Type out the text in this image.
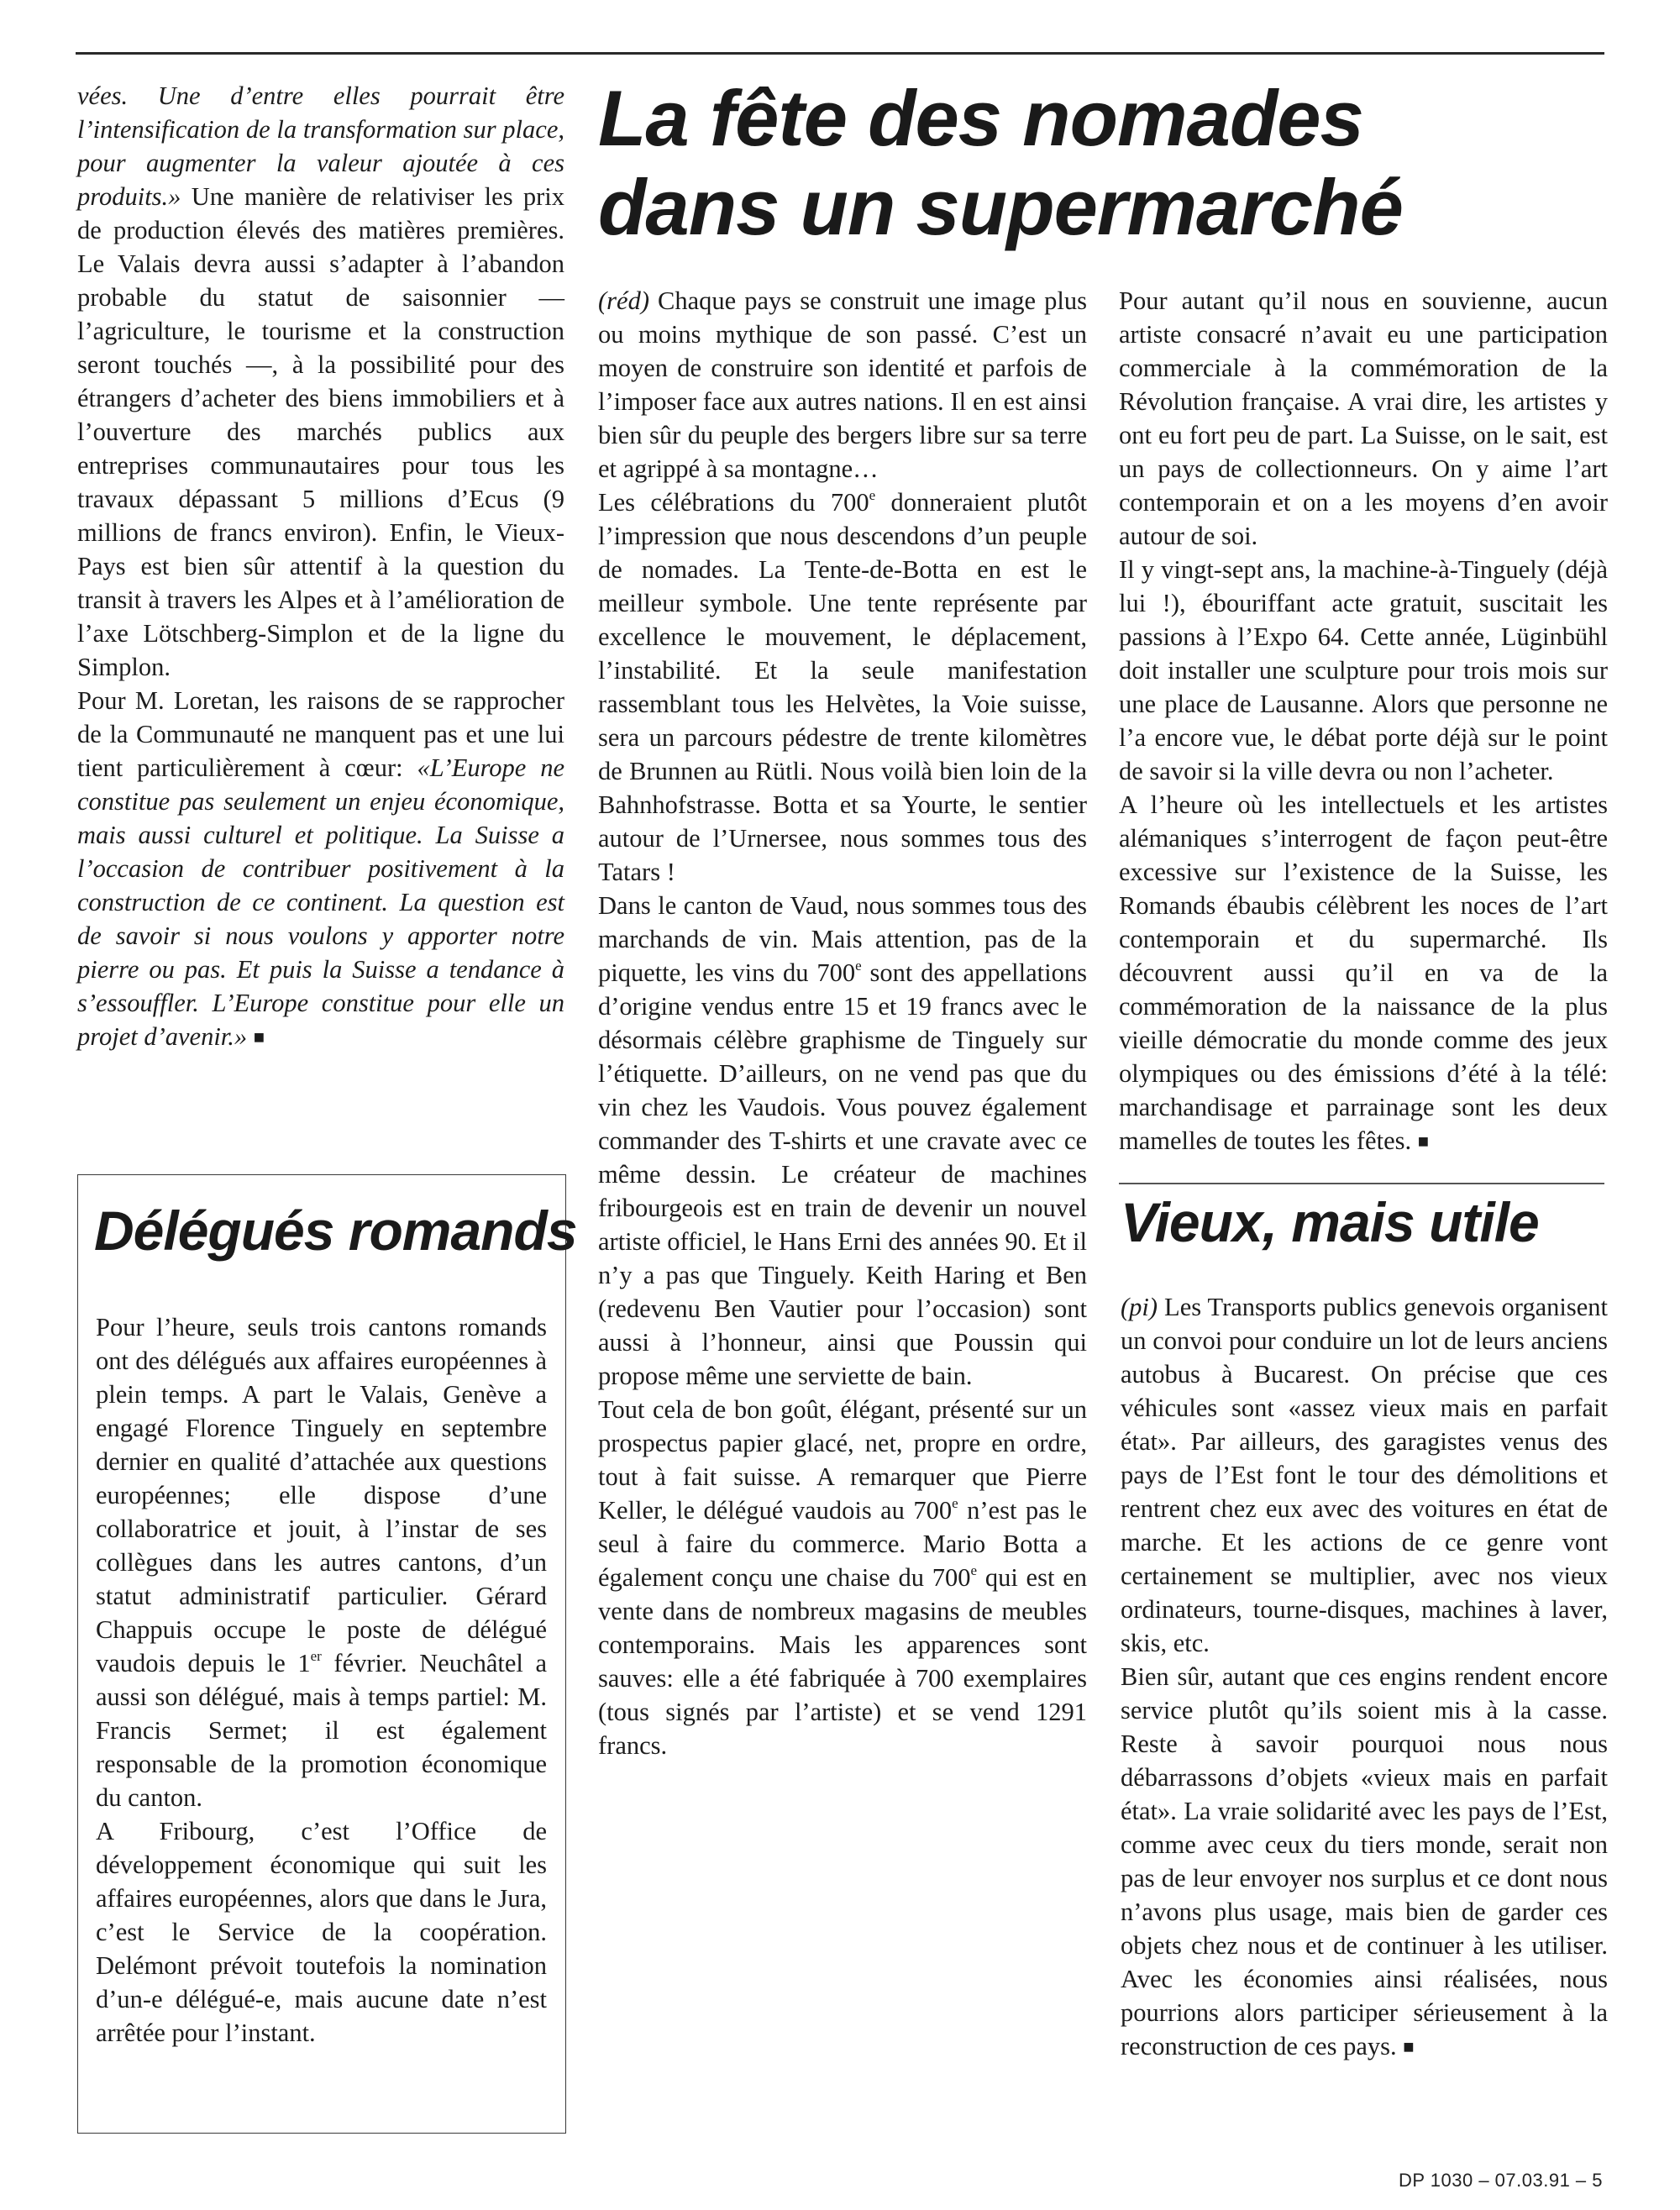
vées. Une d’entre elles pourrait être l’intensification de la transformation sur place, pour augmenter la valeur ajoutée à ces produits.» Une manière de relativiser les prix de production élevés des matières premières. Le Valais devra aussi s’adapter à l’abandon probable du statut de saisonnier — l’agriculture, le tourisme et la construction seront touchés —, à la possibilité pour des étrangers d’acheter des biens immobiliers et à l’ouverture des marchés publics aux entreprises communautaires pour tous les travaux dépassant 5 millions d’Ecus (9 millions de francs environ). Enfin, le Vieux-Pays est bien sûr attentif à la question du transit à travers les Alpes et à l’amélioration de l’axe Lötschberg-Simplon et de la ligne du Simplon.

Pour M. Loretan, les raisons de se rapprocher de la Communauté ne manquent pas et une lui tient particulièrement à cœur: «L’Europe ne constitue pas seulement un enjeu économique, mais aussi culturel et politique. La Suisse a l’occasion de contribuer positivement à la construction de ce continent. La question est de savoir si nous voulons y apporter notre pierre ou pas. Et puis la Suisse a tendance à s’essouffler. L’Europe constitue pour elle un projet d’avenir.» ■

Délégués romands

Pour l’heure, seuls trois cantons romands ont des délégués aux affaires européennes à plein temps. A part le Valais, Genève a engagé Florence Tinguely en septembre dernier en qualité d’attachée aux questions européennes; elle dispose d’une collaboratrice et jouit, à l’instar de ses collègues dans les autres cantons, d’un statut administratif particulier. Gérard Chappuis occupe le poste de délégué vaudois depuis le 1er février. Neuchâtel a aussi son délégué, mais à temps partiel: M. Francis Sermet; il est également responsable de la promotion économique du canton.

A Fribourg, c’est l’Office de développement économique qui suit les affaires européennes, alors que dans le Jura, c’est le Service de la coopération. Delémont prévoit toutefois la nomination d’un-e délégué-e, mais aucune date n’est arrêtée pour l’instant.

La fête des nomades
dans un supermarché

(réd) Chaque pays se construit une image plus ou moins mythique de son passé. C’est un moyen de construire son identité et parfois de l’imposer face aux autres nations. Il en est ainsi bien sûr du peuple des bergers libre sur sa terre et agrippé à sa montagne…

Les célébrations du 700e donneraient plutôt l’impression que nous descendons d’un peuple de nomades. La Tente-de-Botta en est le meilleur symbole. Une tente représente par excellence le mouvement, le déplacement, l’instabilité. Et la seule manifestation rassemblant tous les Helvètes, la Voie suisse, sera un parcours pédestre de trente kilomètres de Brunnen au Rütli. Nous voilà bien loin de la Bahnhofstrasse. Botta et sa Yourte, le sentier autour de l’Urnersee, nous sommes tous des Tatars !

Dans le canton de Vaud, nous sommes tous des marchands de vin. Mais attention, pas de la piquette, les vins du 700e sont des appellations d’origine vendus entre 15 et 19 francs avec le désormais célèbre graphisme de Tinguely sur l’étiquette. D’ailleurs, on ne vend pas que du vin chez les Vaudois. Vous pouvez également commander des T-shirts et une cravate avec ce même dessin. Le créateur de machines fribourgeois est en train de devenir un nouvel artiste officiel, le Hans Erni des années 90. Et il n’y a pas que Tinguely. Keith Haring et Ben (redevenu Ben Vautier pour l’occasion) sont aussi à l’honneur, ainsi que Poussin qui propose même une serviette de bain.

Tout cela de bon goût, élégant, présenté sur un prospectus papier glacé, net, propre en ordre, tout à fait suisse. A remarquer que Pierre Keller, le délégué vaudois au 700e n’est pas le seul à faire du commerce. Mario Botta a également conçu une chaise du 700e qui est en vente dans de nombreux magasins de meubles contemporains. Mais les apparences sont sauves: elle a été fabriquée à 700 exemplaires (tous signés par l’artiste) et se vend 1291 francs.

Pour autant qu’il nous en souvienne, aucun artiste consacré n’avait eu une participation commerciale à la commémoration de la Révolution française. A vrai dire, les artistes y ont eu fort peu de part. La Suisse, on le sait, est un pays de collectionneurs. On y aime l’art contemporain et on a les moyens d’en avoir autour de soi.

Il y vingt-sept ans, la machine-à-Tinguely (déjà lui !), ébouriffant acte gratuit, suscitait les passions à l’Expo 64. Cette année, Lüginbühl doit installer une sculpture pour trois mois sur une place de Lausanne. Alors que personne ne l’a encore vue, le débat porte déjà sur le point de savoir si la ville devra ou non l’acheter.

A l’heure où les intellectuels et les artistes alémaniques s’interrogent de façon peut-être excessive sur l’existence de la Suisse, les Romands ébaubis célèbrent les noces de l’art contemporain et du supermarché. Ils découvrent aussi qu’il en va de la commémoration de la naissance de la plus vieille démocratie du monde comme des jeux olympiques ou des émissions d’été à la télé: marchandisage et parrainage sont les deux mamelles de toutes les fêtes. ■

Vieux, mais utile

(pi) Les Transports publics genevois organisent un convoi pour conduire un lot de leurs anciens autobus à Bucarest. On précise que ces véhicules sont «assez vieux mais en parfait état». Par ailleurs, des garagistes venus des pays de l’Est font le tour des démolitions et rentrent chez eux avec des voitures en état de marche. Et les actions de ce genre vont certainement se multiplier, avec nos vieux ordinateurs, tourne-disques, machines à laver, skis, etc.

Bien sûr, autant que ces engins rendent encore service plutôt qu’ils soient mis à la casse. Reste à savoir pourquoi nous nous débarrassons d’objets «vieux mais en parfait état». La vraie solidarité avec les pays de l’Est, comme avec ceux du tiers monde, serait non pas de leur envoyer nos surplus et ce dont nous n’avons plus usage, mais bien de garder ces objets chez nous et de continuer à les utiliser. Avec les économies ainsi réalisées, nous pourrions alors participer sérieusement à la reconstruction de ces pays. ■

DP 1030 – 07.03.91 – 5
